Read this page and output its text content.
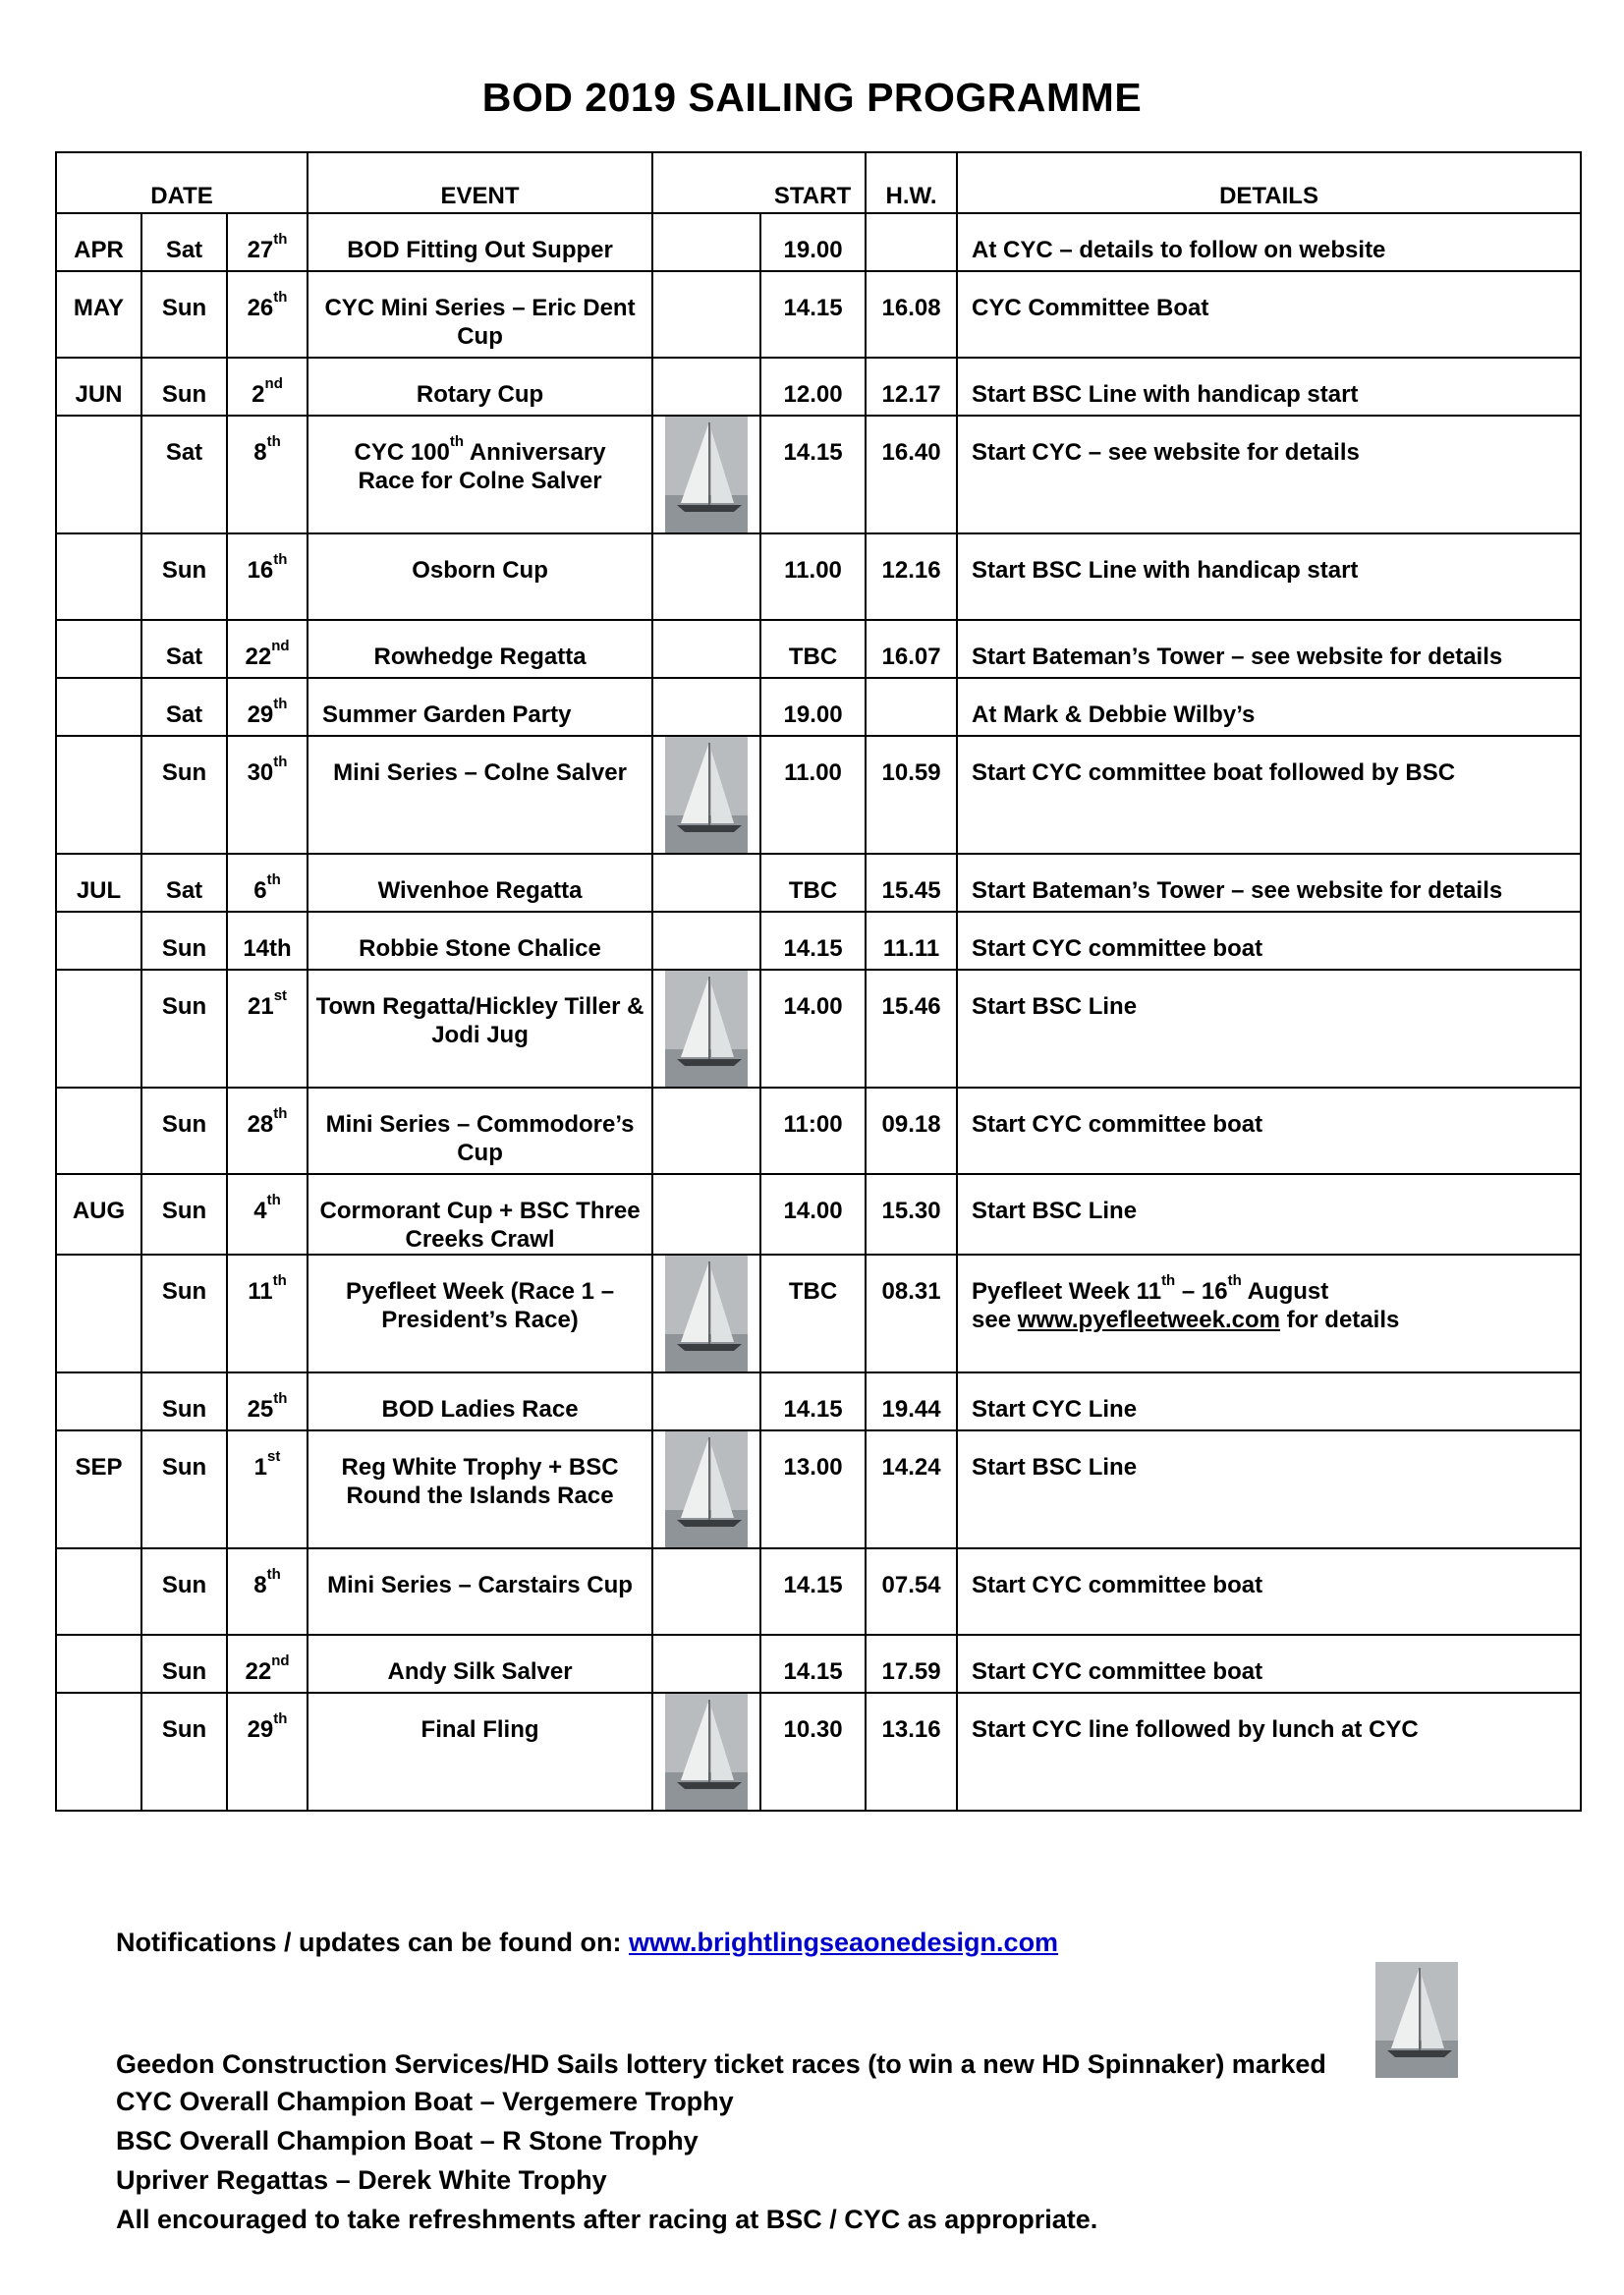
BOD 2019 SAILING PROGRAMME
DATE			EVENT		START	H.W.	DETAILS
APR	Sat	27th	BOD Fitting Out Supper		19.00		At CYC – details to follow on website
MAY	Sun	26th	CYC Mini Series – Eric Dent Cup		14.15	16.08	CYC Committee Boat
JUN	Sun	2nd	Rotary Cup		12.00	12.17	Start BSC Line with handicap start
	Sat	8th	CYC 100th Anniversary
Race for Colne Salver		14.15	16.40	Start CYC – see website for details
	Sun	16th	Osborn Cup		11.00	12.16	Start BSC Line with handicap start
	Sat	22nd	Rowhedge Regatta		TBC	16.07	Start Bateman’s Tower – see website for details
	Sat	29th	Summer Garden Party		19.00		At Mark & Debbie Wilby’s
	Sun	30th	Mini Series – Colne Salver		11.00	10.59	Start CYC committee boat followed by BSC
JUL	Sat	6th	Wivenhoe Regatta		TBC	15.45	Start Bateman’s Tower – see website for details
	Sun	14th	Robbie Stone Chalice		14.15	11.11	Start CYC committee boat
	Sun	21st	Town Regatta/Hickley Tiller & Jodi Jug		14.00	15.46	Start BSC Line
	Sun	28th	Mini Series – Commodore’s Cup		11:00	09.18	Start CYC committee boat
AUG	Sun	4th	Cormorant Cup + BSC Three Creeks Crawl		14.00	15.30	Start BSC Line
	Sun	11th	Pyefleet Week (Race 1 – President’s Race)		TBC	08.31	Pyefleet Week 11th – 16th August
see www.pyefleetweek.com for details
	Sun	25th	BOD Ladies Race		14.15	19.44	Start CYC Line
SEP	Sun	1st	Reg White Trophy + BSC Round the Islands Race		13.00	14.24	Start BSC Line
	Sun	8th	Mini Series – Carstairs Cup		14.15	07.54	Start CYC committee boat
	Sun	22nd	Andy Silk Salver		14.15	17.59	Start CYC committee boat
	Sun	29th	Final Fling		10.30	13.16	Start CYC line followed by lunch at CYC
Notifications / updates can be found on: www.brightlingseaonedesign.com
Geedon Construction Services/HD Sails lottery ticket races (to win a new HD Spinnaker) marked
CYC Overall Champion Boat – Vergemere Trophy
BSC Overall Champion Boat – R Stone Trophy
Upriver Regattas – Derek White Trophy
All encouraged to take refreshments after racing at BSC / CYC as appropriate.
